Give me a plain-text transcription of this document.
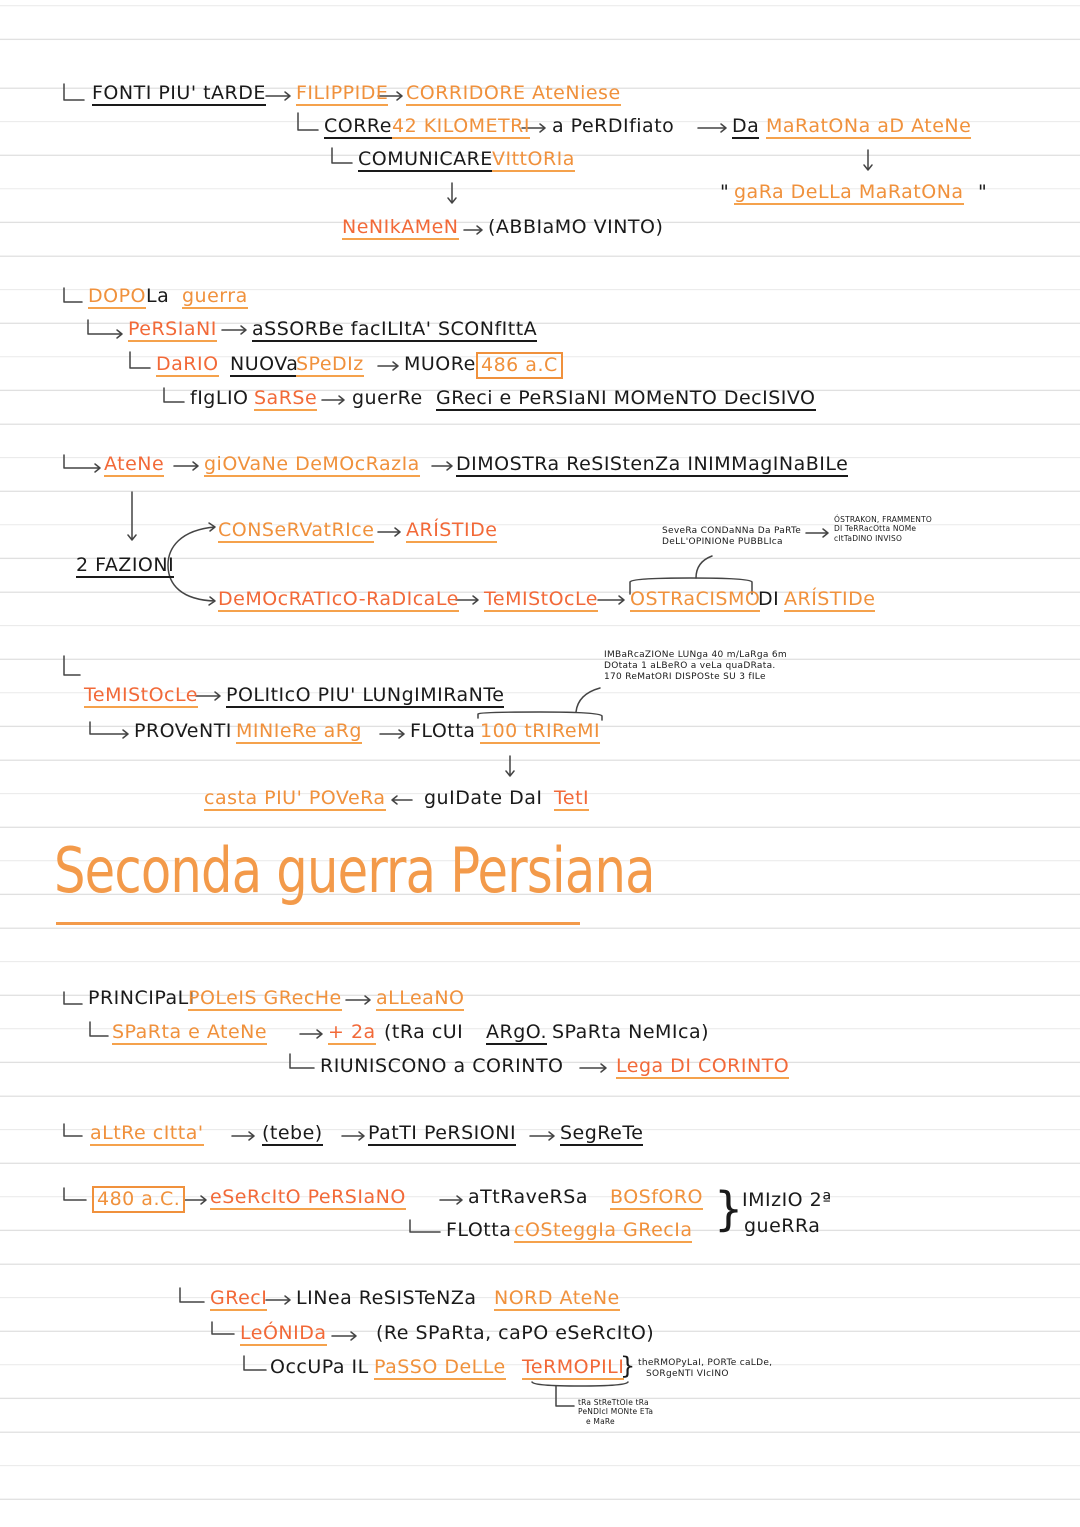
FONTI PIU' tARDE FILIPPIDE CORRIDORE AteNiese
CORRe 42 KILOMETRI a PeRDIfiato	Da MaRatONa aD AteNe
COMUNICARE VIttORIa
" gaRa DeLLa MaRatONa "
NeNIkAMeN (ABBIaMO VINTO)
DOPO La guerra
PeRSIaNI aSSORBe facILItA' SCONfIttA
DaRIO NUOVa
SPeDIz MUORe 486 a.C
fIgLIO SaRSe guerRe GReci e PeRSIaNI MOMeNTO DecISIVO
AteNe giOVaNe DeMOcRazIa DIMOSTRa ReSIStenZa INIMMagINaBILe
2 FAZIONI
CONSeRVatRIce ARÍSTIDe	SeveRa CONDaNNa Da PaRTe
DeLL'OPINIONe PUBBLIca
ÓSTRAKON, FRAMMENTO
DI TeRRacOtta NOMe
cItTaDINO INVISO
DeMOcRATIcO-RaDIcaLe TeMIStOcLe OSTRaCISMO
DI ARÍSTIDe
IMBaRcaZIONe LUNga 40 m/LaRga 6m
DOtata 1 aLBeRO a veLa quaDRata.
170 ReMatORI DISPOSte SU 3 fILe
TeMIStOcLe POLItIcO PIU' LUNgIMIRaNTe
PROVeNTI MINIeRe aRg	FLOtta 100 tRIReMI
casta PIU' POVeRa guIDate DaI TetI
Seconda guerra Persiana
PRINCIPaLI
POLeIS GRecHe aLLeaNO
SPaRta e AteNe	+ 2a (tRa cUI ARgO. SPaRta NeMIca)
RIUNISCONO a CORINTO	Lega DI CORINTO
aLtRe cItta'	(tebe) PatTI PeRSIONI SegReTe
480 a.C. eSeRcItO PeRSIaNO	aTtRaveRSa BOSfORO
FLOtta cOSteggIa GRecIa }
IMIzIO 2ª
gueRRa
GRecI LINea ReSISTeNZa NORD AteNe
LeÓNIDa	(Re SPaRta, caPO eSeRcItO)
OccUPa IL PaSSO DeLLe TeRMOPILI
} theRMOPyLaI, PORTe caLDe,
SORgeNTI VIcINO
tRa StReTtOIe tRa
PeNDIcI MONte ETa
e MaRe
